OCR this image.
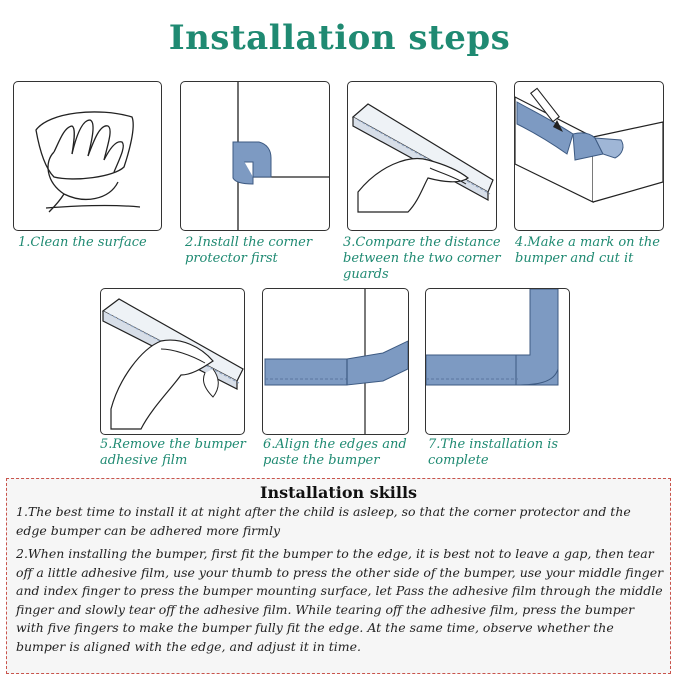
Installation steps
1.Clean the surface	2.Install the corner protector first
3.Compare the distance between the two corner guards
4.Make a mark on the bumper and cut it
5.Remove the bumper adhesive film
6.Align the edges and paste the bumper
7.The installation is complete
Installation skills

1.The best time to install it at night after the child is asleep, so that the corner protector and the edge bumper can be adhered more firmly

2.When installing the bumper, first fit the bumper to the edge, it is best not to leave a gap, then tear off a little adhesive film, use your thumb to press the other side of the bumper, use your middle finger and index finger to press the bumper mounting surface, let Pass the adhesive film through the middle finger and slowly tear off the adhesive film. While tearing off the adhesive film, press the bumper with five fingers to make the bumper fully fit the edge. At the same time, observe whether the bumper is aligned with the edge, and adjust it in time.
